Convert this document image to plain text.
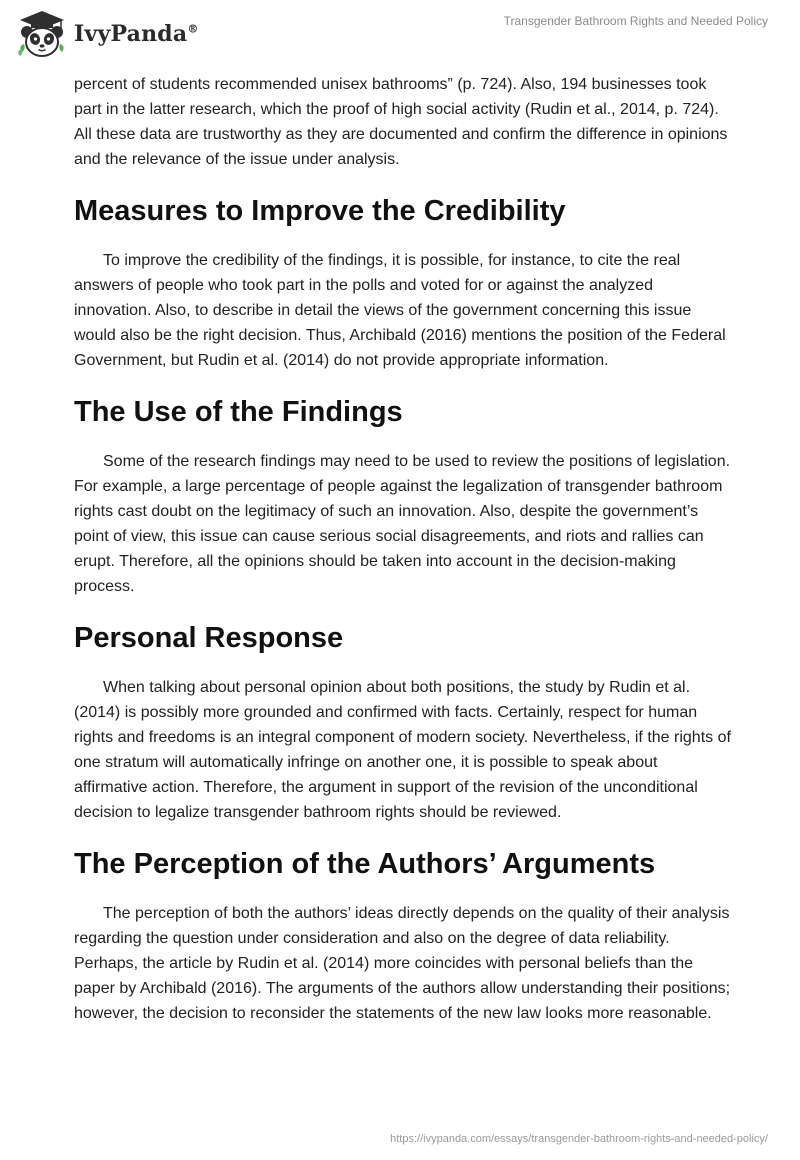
IvyPanda®
Transgender Bathroom Rights and Needed Policy

percent of students recommended unisex bathrooms” (p. 724). Also, 194 businesses took part in the latter research, which the proof of high social activity (Rudin et al., 2014, p. 724). All these data are trustworthy as they are documented and confirm the difference in opinions and the relevance of the issue under analysis.

Measures to Improve the Credibility

To improve the credibility of the findings, it is possible, for instance, to cite the real answers of people who took part in the polls and voted for or against the analyzed innovation. Also, to describe in detail the views of the government concerning this issue would also be the right decision. Thus, Archibald (2016) mentions the position of the Federal Government, but Rudin et al. (2014) do not provide appropriate information.

The Use of the Findings

Some of the research findings may need to be used to review the positions of legislation. For example, a large percentage of people against the legalization of transgender bathroom rights cast doubt on the legitimacy of such an innovation. Also, despite the government’s point of view, this issue can cause serious social disagreements, and riots and rallies can erupt. Therefore, all the opinions should be taken into account in the decision-making process.

Personal Response

When talking about personal opinion about both positions, the study by Rudin et al. (2014) is possibly more grounded and confirmed with facts. Certainly, respect for human rights and freedoms is an integral component of modern society. Nevertheless, if the rights of one stratum will automatically infringe on another one, it is possible to speak about affirmative action. Therefore, the argument in support of the revision of the unconditional decision to legalize transgender bathroom rights should be reviewed.

The Perception of the Authors’ Arguments

The perception of both the authors’ ideas directly depends on the quality of their analysis regarding the question under consideration and also on the degree of data reliability. Perhaps, the article by Rudin et al. (2014) more coincides with personal beliefs than the paper by Archibald (2016). The arguments of the authors allow understanding their positions; however, the decision to reconsider the statements of the new law looks more reasonable.

https://ivypanda.com/essays/transgender-bathroom-rights-and-needed-policy/
